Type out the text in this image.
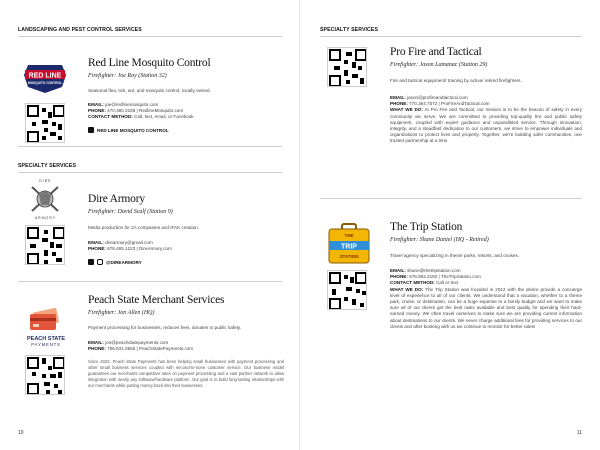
LANDSCAPING AND PEST CONTROL SERVICES
RED LINE
MOSQUITO CONTROL
Red Line Mosquito Control
Firefighter: Joe Ray (Station 32)
Seasonal flea, tick, ant, and mosquito control, locally owned.
EMAIL: joe@redlinemosquito.com
PHONE: 470.380.3186 | RedlineMosquito.com
CONTACT METHOD: Call, text, email, or Facebook
RED LINE MOSQUITO CONTROL
SPECIALTY SERVICES
D I R E
A R M O R Y
Dire Armory
Firefighter: David Scalf (Station 9)
Media production for 2A companies and IFAK creation.
EMAIL: direarmory@gmail.com
PHONE: 678.485.1223 | DireArmory.com
@DIREARMORY
PEACH STATE
PAYMENTS
Peach State Merchant Services
Firefighter: Jon Allen (HQ)
Payment processing for businesses, reduces fees, donates to public safety.
EMAIL: jon@peachstatepayments.com
PHONE: 706.631.0565 | PeachStatePayments.com
Since 2022, Peach State Payments has been helping small businesses with payment processing and other small business services coupled with second-to-none customer service. Our business model guarantees our merchants competitive rates on payment processing and a vast partner network to allow integration with nearly any software/hardware platform. Our goal is to build long-lasting relationships with our merchants while putting money back into their businesses.
10
SPECIALTY SERVICES
Pro Fire and Tactical
Firefighter: Jason Lamanac (Station 29)
Fire and tactical equipment/ training by active/ retired firefighters.
EMAIL: jason@profireandtactical.com
PHONE: 770.364.7572 | ProFireAndTactical.com
WHAT WE DO: At Pro Fire and Tactical, our mission is to be the beacon of safety in every community we serve. We are committed to providing top-quality fire and public safety equipment, coupled with expert guidance and unparalleled service. Through innovation, integrity, and a steadfast dedication to our customers, we strive to empower individuals and organizations to protect lives and property. Together, we're building safer communities, one trusted partnership at a time.
THE
TRIP
STATION
The Trip Station
Firefighter: Shane Daniel (HQ - Retired)
Travel agency specializing in theme parks, resorts, and cruises.
EMAIL: shane@thetripstation.com
PHONE: 678.882.2150 | TheTripStation.com
CONTACT METHOD: Call or text
WHAT WE DO: The Trip Station was founded in 2012 with the desire provide a concierge level of experience to all of our clients. We understand that a vacation, whether to a theme park, cruise, or destination, can be a huge expense to a family budget and we want to make sure all of our clients get the best rates available and best quality for spending their hard-earned money. We often travel ourselves to make sure we are providing current information about destinations to our clients. We never charge additional fees for providing services to our clients and after booking with us we continue to monitor for better rates!
11
